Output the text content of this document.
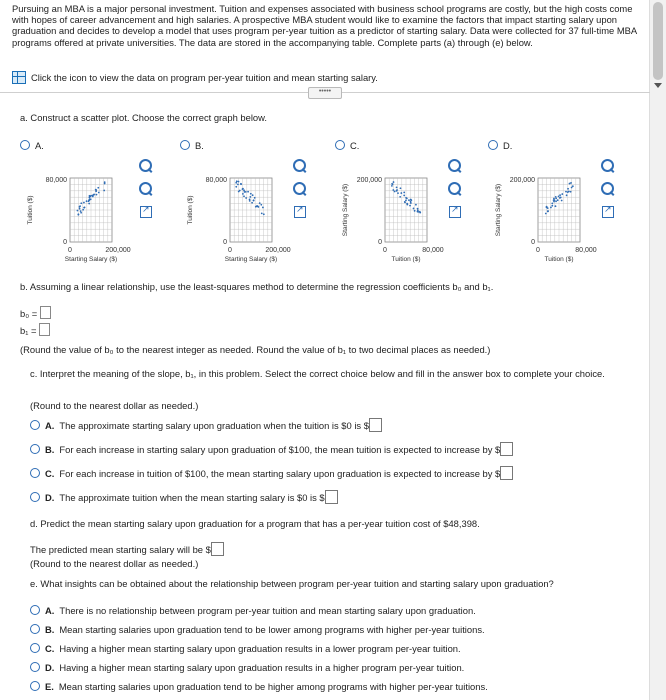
Pursuing an MBA is a major personal investment. Tuition and expenses associated with business school programs are costly, but the high costs come with hopes of career advancement and high salaries. A prospective MBA student would like to examine the factors that impact starting salary upon graduation and decides to develop a model that uses program per-year tuition as a predictor of starting salary. Data were collected for 37 full-time MBA programs offered at private universities. The data are stored in the accompanying table. Complete parts (a) through (e) below.
Click the icon to view the data on program per-year tuition and mean starting salary.
•••••
a. Construct a scatter plot. Choose the correct graph below.
A.	B.	C.	D.
80,000
0
0	200,000
Starting Salary ($)
Tuition ($)
80,000
0
0	200,000
Starting Salary ($)
Tuition ($)
200,000
0
0	80,000
Tuition ($)
Starting Salary ($)
200,000
0
0	80,000
Tuition ($)
Starting Salary ($)
↗
↗
↗
↗
b. Assuming a linear relationship, use the least-squares method to determine the regression coefficients b₀ and b₁.
b₀ =
b₁ =
(Round the value of b₀ to the nearest integer as needed. Round the value of b₁ to two decimal places as needed.)
c. Interpret the meaning of the slope, b₁, in this problem. Select the correct choice below and fill in the answer box to complete your choice.
(Round to the nearest dollar as needed.)
A. The approximate starting salary upon graduation when the tuition is $0 is $
B. For each increase in starting salary upon graduation of $100, the mean tuition is expected to increase by $
C. For each increase in tuition of $100, the mean starting salary upon graduation is expected to increase by $
D. The approximate tuition when the mean starting salary is $0 is $
d. Predict the mean starting salary upon graduation for a program that has a per-year tuition cost of $48,398.
The predicted mean starting salary will be $
(Round to the nearest dollar as needed.)
e. What insights can be obtained about the relationship between program per-year tuition and starting salary upon graduation?
A. There is no relationship between program per-year tuition and mean starting salary upon graduation.
B. Mean starting salaries upon graduation tend to be lower among programs with higher per-year tuitions.
C. Having a higher mean starting salary upon graduation results in a lower program per-year tuition.
D. Having a higher mean starting salary upon graduation results in a higher program per-year tuition.
E. Mean starting salaries upon graduation tend to be higher among programs with higher per-year tuitions.
